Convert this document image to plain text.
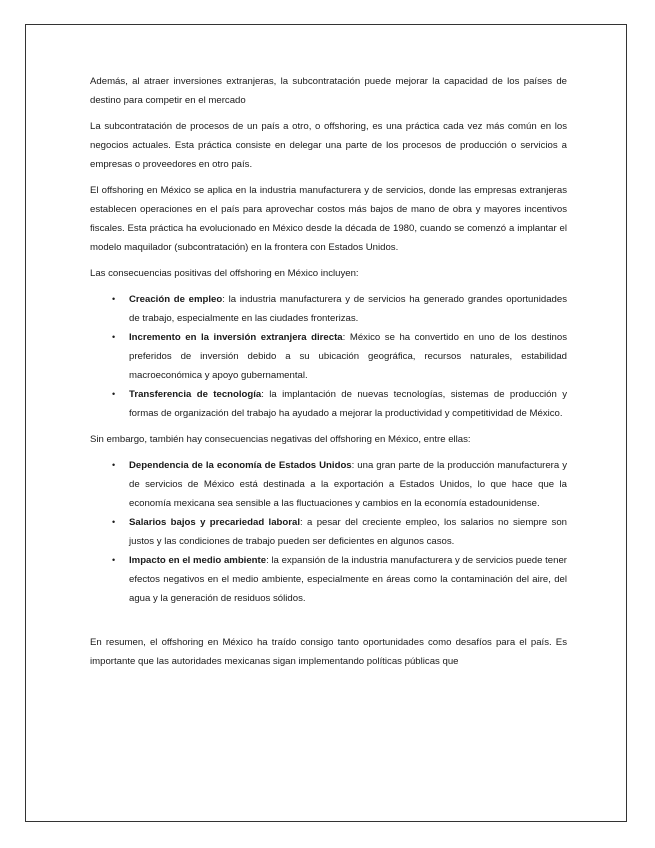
Además, al atraer inversiones extranjeras, la subcontratación puede mejorar la capacidad de los países de destino para competir en el mercado

La subcontratación de procesos de un país a otro, o offshoring, es una práctica cada vez más común en los negocios actuales. Esta práctica consiste en delegar una parte de los procesos de producción o servicios a empresas o proveedores en otro país.

El offshoring en México se aplica en la industria manufacturera y de servicios, donde las empresas extranjeras establecen operaciones en el país para aprovechar costos más bajos de mano de obra y mayores incentivos fiscales. Esta práctica ha evolucionado en México desde la década de 1980, cuando se comenzó a implantar el modelo maquilador (subcontratación) en la frontera con Estados Unidos.

Las consecuencias positivas del offshoring en México incluyen:

• Creación de empleo: la industria manufacturera y de servicios ha generado grandes oportunidades de trabajo, especialmente en las ciudades fronterizas.
• Incremento en la inversión extranjera directa: México se ha convertido en uno de los destinos preferidos de inversión debido a su ubicación geográfica, recursos naturales, estabilidad macroeconómica y apoyo gubernamental.
• Transferencia de tecnología: la implantación de nuevas tecnologías, sistemas de producción y formas de organización del trabajo ha ayudado a mejorar la productividad y competitividad de México.

Sin embargo, también hay consecuencias negativas del offshoring en México, entre ellas:

• Dependencia de la economía de Estados Unidos: una gran parte de la producción manufacturera y de servicios de México está destinada a la exportación a Estados Unidos, lo que hace que la economía mexicana sea sensible a las fluctuaciones y cambios en la economía estadounidense.
• Salarios bajos y precariedad laboral: a pesar del creciente empleo, los salarios no siempre son justos y las condiciones de trabajo pueden ser deficientes en algunos casos.
• Impacto en el medio ambiente: la expansión de la industria manufacturera y de servicios puede tener efectos negativos en el medio ambiente, especialmente en áreas como la contaminación del aire, del agua y la generación de residuos sólidos.

En resumen, el offshoring en México ha traído consigo tanto oportunidades como desafíos para el país. Es importante que las autoridades mexicanas sigan implementando políticas públicas que
